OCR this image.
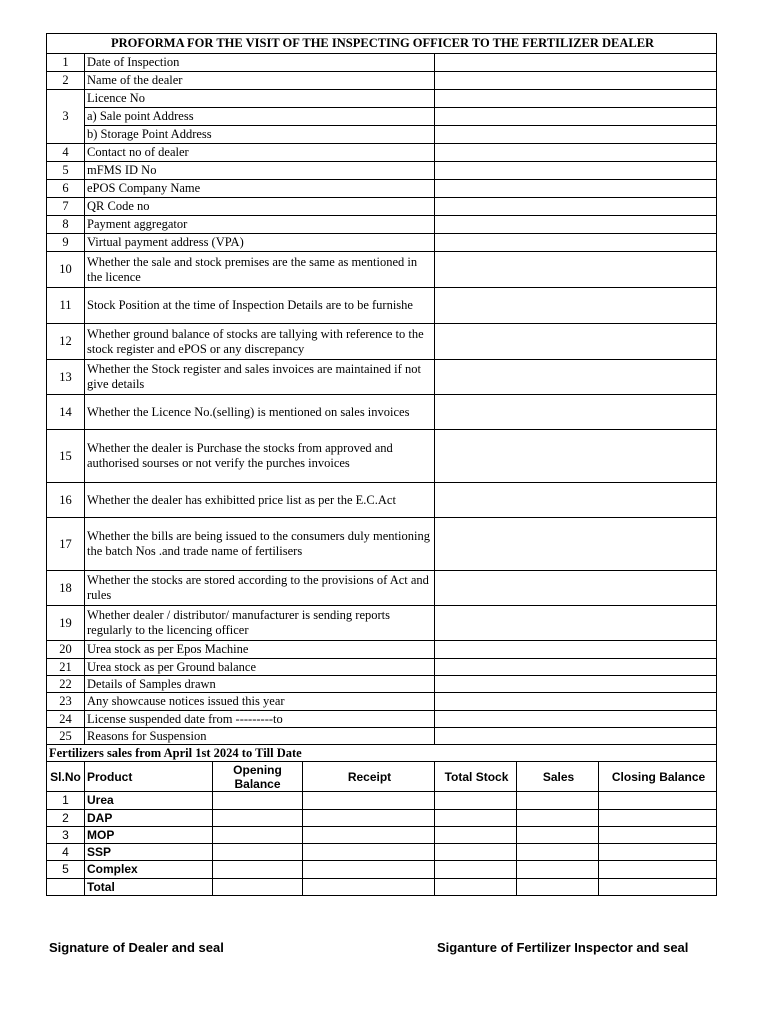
PROFORMA FOR THE VISIT OF THE INSPECTING OFFICER TO THE FERTILIZER DEALER						
1	Date of Inspection					
2	Name of the dealer					
3	Licence No					
	a) Sale point Address					
	b) Storage Point Address					
4	Contact no of dealer					
5	mFMS ID No					
6	ePOS Company Name					
7	QR Code no					
8	Payment aggregator					
9	Virtual payment address (VPA)					
10	Whether the sale and stock premises are the same as mentioned in the licence					
11	Stock Position at the time of Inspection Details are to be furnishe					
12	Whether ground balance of stocks are tallying with reference to the stock register and ePOS or any discrepancy					
13	Whether the Stock register and sales invoices are maintained if not give details					
14	Whether the Licence No.(selling) is mentioned on sales invoices					
15	Whether the dealer is Purchase the stocks from approved and authorised sourses or not verify the purches invoices					
16	Whether the dealer has exhibitted price list as per the E.C.Act					
17	Whether the bills are being issued to the consumers duly mentioning the batch Nos .and trade name of fertilisers					
18	Whether the stocks are stored according to the provisions of Act and rules					
19	Whether dealer / distributor/ manufacturer is sending reports regularly to the licencing officer					
20	Urea stock as per Epos Machine					
21	Urea stock as per Ground balance					
22	Details of Samples drawn					
23	Any showcause notices issued this year					
24	License suspended date from ---------to					
25	Reasons for Suspension					
Fertilizers sales from April 1st 2024 to Till Date						
Sl.No	Product	Opening Balance	Receipt	Total Stock	Sales	Closing Balance
1	Urea					
2	DAP					
3	MOP					
4	SSP					
5	Complex					
	Total					
Signature of Dealer and seal	Siganture of Fertilizer Inspector and seal
